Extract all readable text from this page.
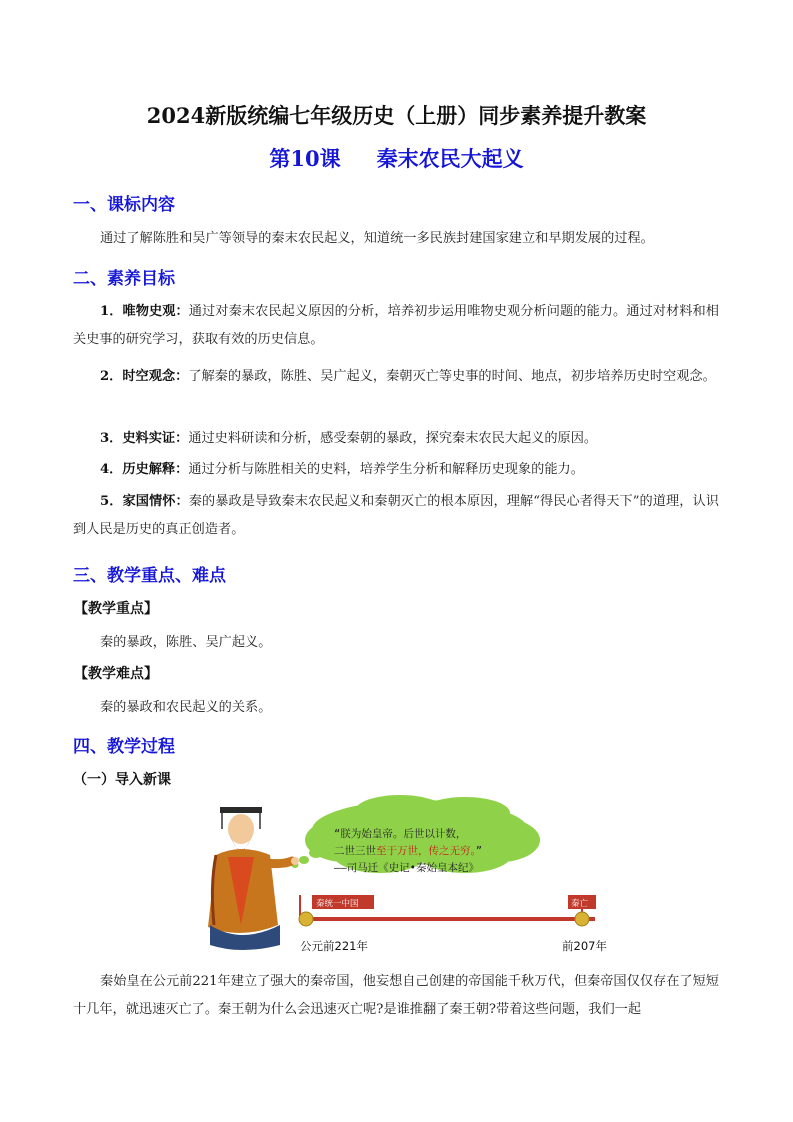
2024新版统编七年级历史（上册）同步素养提升教案
第10课 秦末农民大起义
一、课标内容

通过了解陈胜和吴广等领导的秦末农民起义，知道统一多民族封建国家建立和早期发展的过程。

二、素养目标

1．唯物史观：通过对秦末农民起义原因的分析，培养初步运用唯物史观分析问题的能力。通过对材料和相关史事的研究学习，获取有效的历史信息。

2．时空观念：了解秦的暴政，陈胜、吴广起义，秦朝灭亡等史事的时间、地点，初步培养历史时空观念。

3．史料实证：通过史料研读和分析，感受秦朝的暴政，探究秦末农民大起义的原因。

4．历史解释：通过分析与陈胜相关的史料，培养学生分析和解释历史现象的能力。

5．家国情怀：秦的暴政是导致秦末农民起义和秦朝灭亡的根本原因，理解“得民心者得天下”的道理，认识到人民是历史的真正创造者。

三、教学重点、难点
【教学重点】
秦的暴政，陈胜、吴广起义。
【教学难点】
秦的暴政和农民起义的关系。
四、教学过程
（一）导入新课
“朕为始皇帝。后世以计数，
二世三世至于万世，传之无穷。”
——司马迁《史记•秦始皇本纪》
秦统一中国	秦亡
公元前221年	前207年

秦始皇在公元前221年建立了强大的秦帝国，他妄想自己创建的帝国能千秋万代，但秦帝国仅仅存在了短短十几年，就迅速灭亡了。秦王朝为什么会迅速灭亡呢?是谁推翻了秦王朝?带着这些问题，我们一起
